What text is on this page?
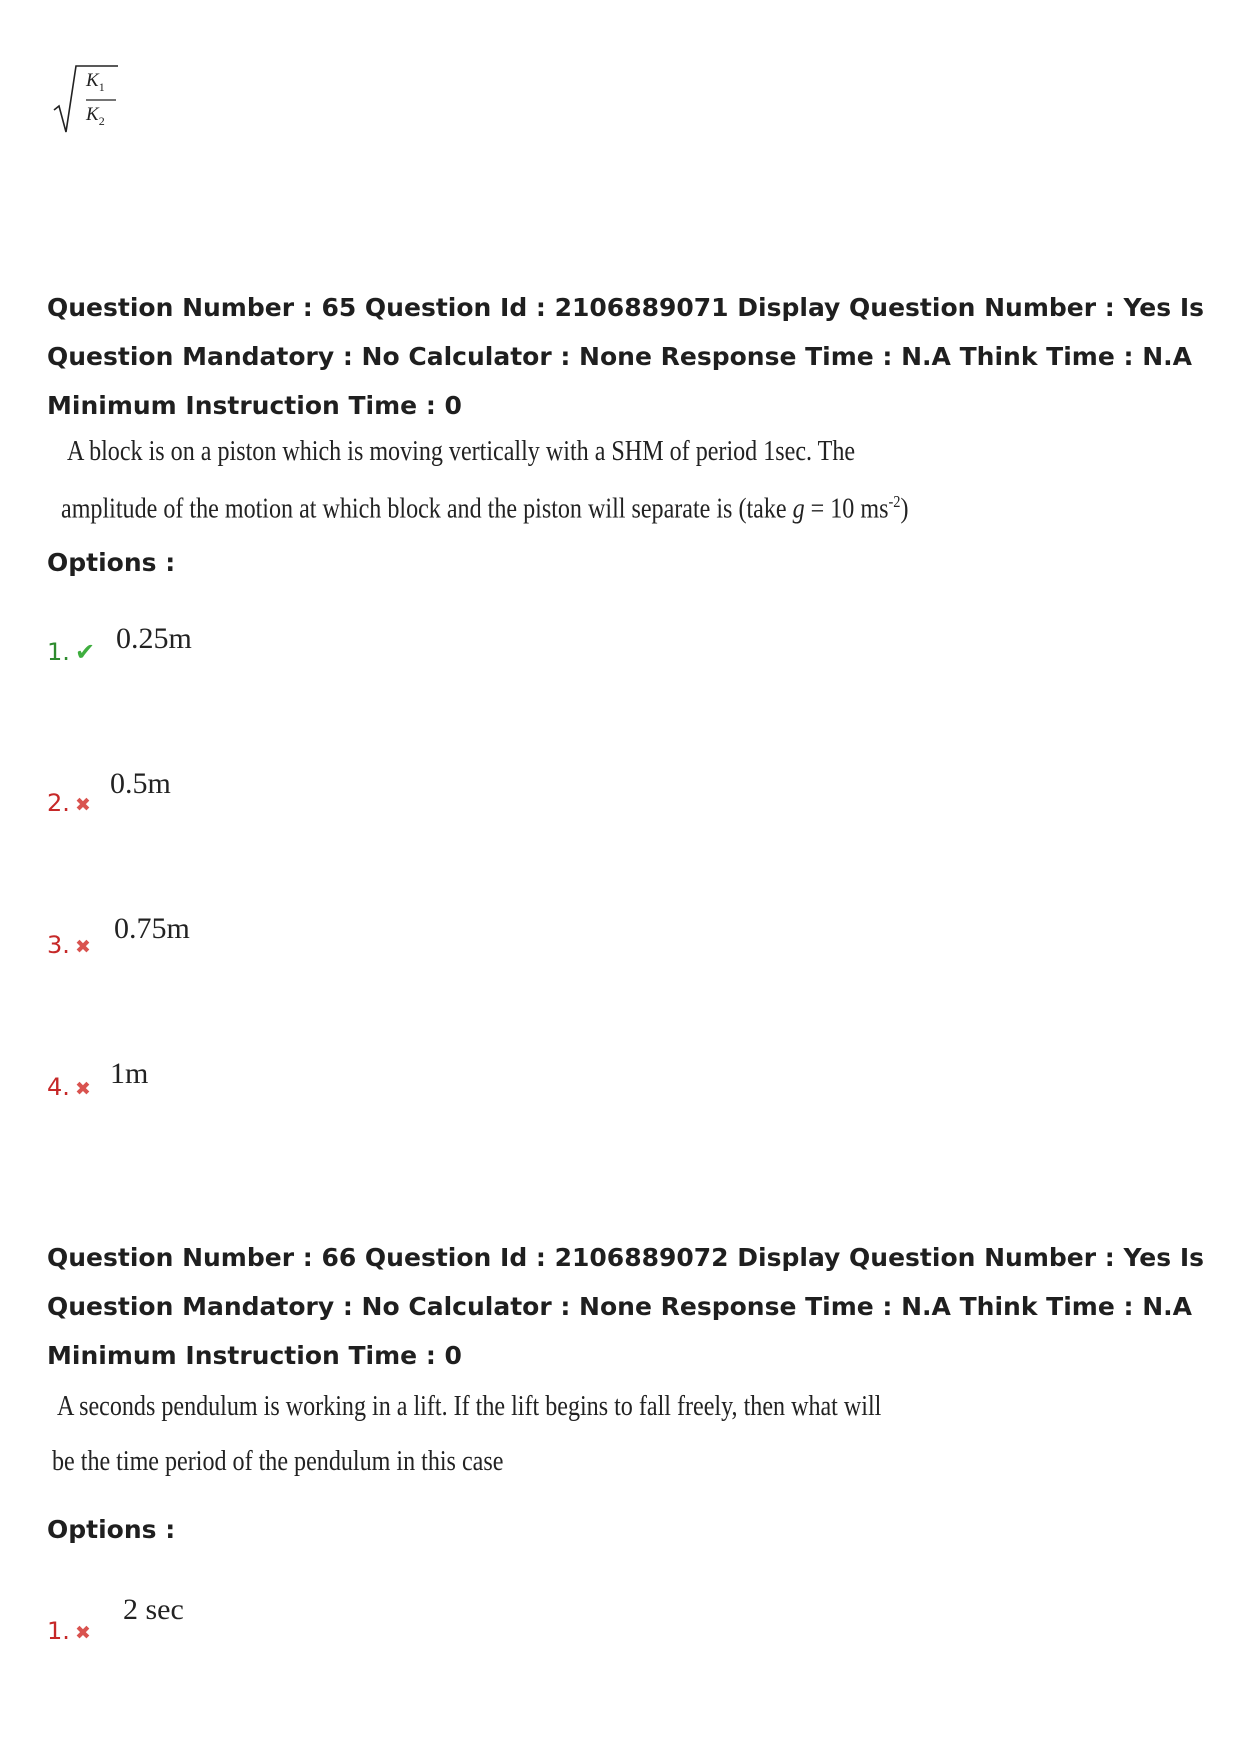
$K_1$
$K_2$
Question Number : 65 Question Id : 2106889071 Display Question Number : Yes Is Question Mandatory : No Calculator : None Response Time : N.A Think Time : N.A Minimum Instruction Time : 0
A block is on a piston which is moving vertically with a SHM of period 1sec. The
amplitude of the motion at which block and the piston will separate is (take g = 10 $ms^{-2}$)
Options :
1. ✔ 0.25m
2. ✖
0.5m
3. ✖
0.75m
4. ✖ 1m
Question Number : 66 Question Id : 2106889072 Display Question Number : Yes Is Question Mandatory : No Calculator : None Response Time : N.A Think Time : N.A Minimum Instruction Time : 0
A seconds pendulum is working in a lift. If the lift begins to fall freely, then what will
be the time period of the pendulum in this case
Options :
1. ✖
2 sec
